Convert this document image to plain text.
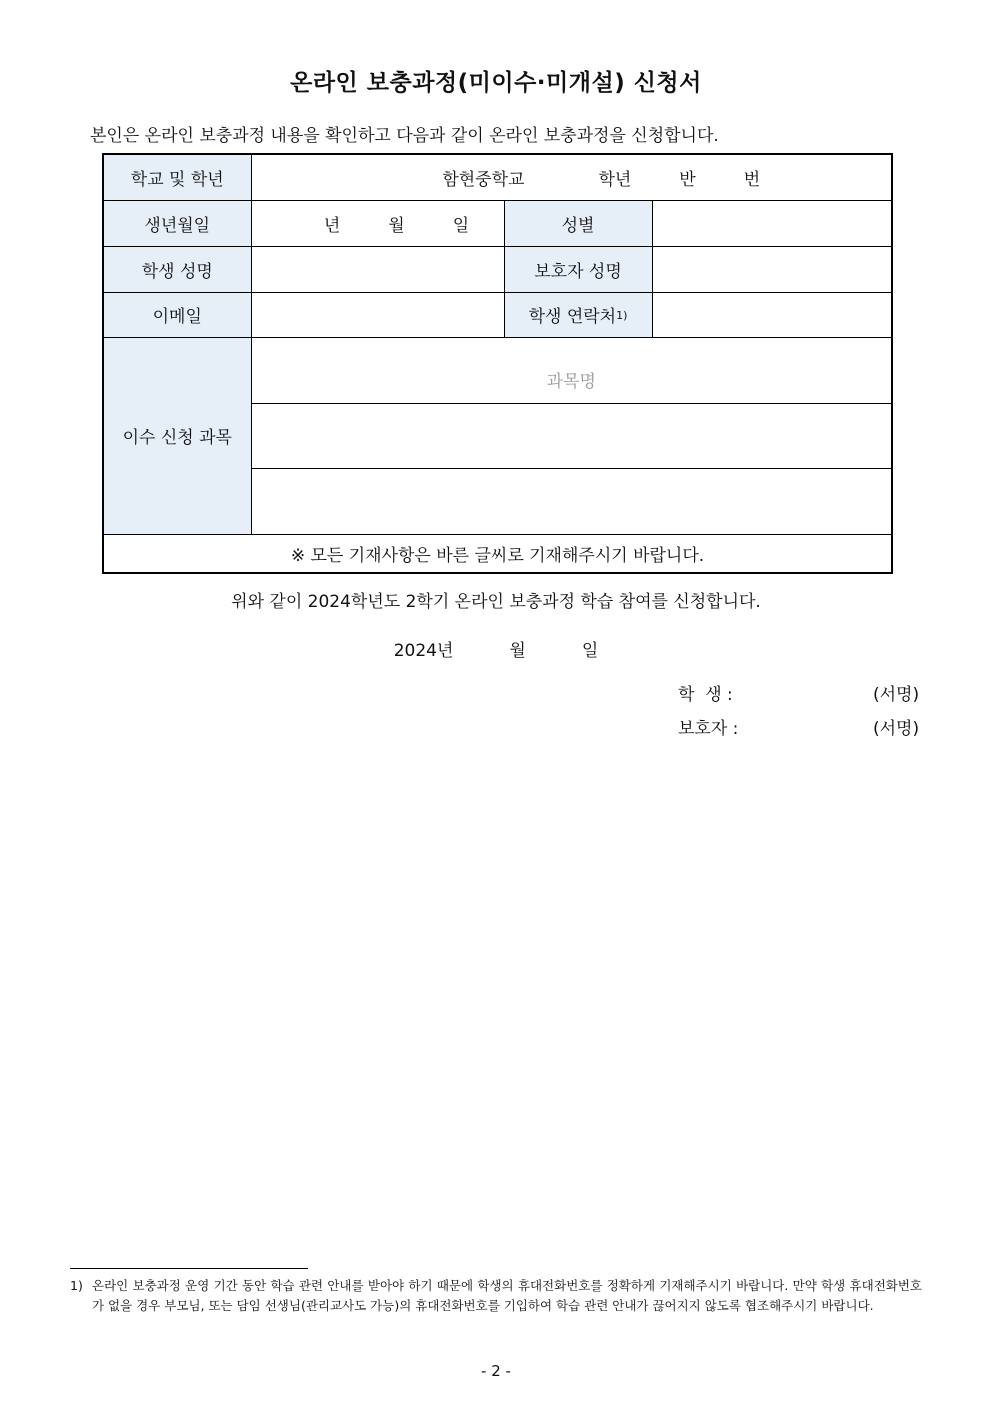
온라인 보충과정(미이수·미개설) 신청서
본인은 온라인 보충과정 내용을 확인하고 다음과 같이 온라인 보충과정을 신청합니다.
학교 및 학년	함현중학교 학년 반 번		
생년월일	년 월 일	성별	
학생 성명		보호자 성명	
이메일		학생 연락처$^{1)}$	
이수 신청 과목	과목명		

※ 모든 기재사항은 바른 글씨로 기재해주시기 바랍니다.			
위와 같이 2024학년도 2학기 온라인 보충과정 학습 참여를 신청합니다.
2024년	월	일
학  생 :	(서명)
보호자 :	(서명)
1) 온라인 보충과정 운영 기간 동안 학습 관련 안내를 받아야 하기 때문에 학생의 휴대전화번호를 정확하게 기재해주시기 바랍니다. 만약 학생 휴대전화번호가 없을 경우 부모님, 또는 담임 선생님(관리교사도 가능)의 휴대전화번호를 기입하여 학습 관련 안내가 끊어지지 않도록 협조해주시기 바랍니다.
- 2 -
